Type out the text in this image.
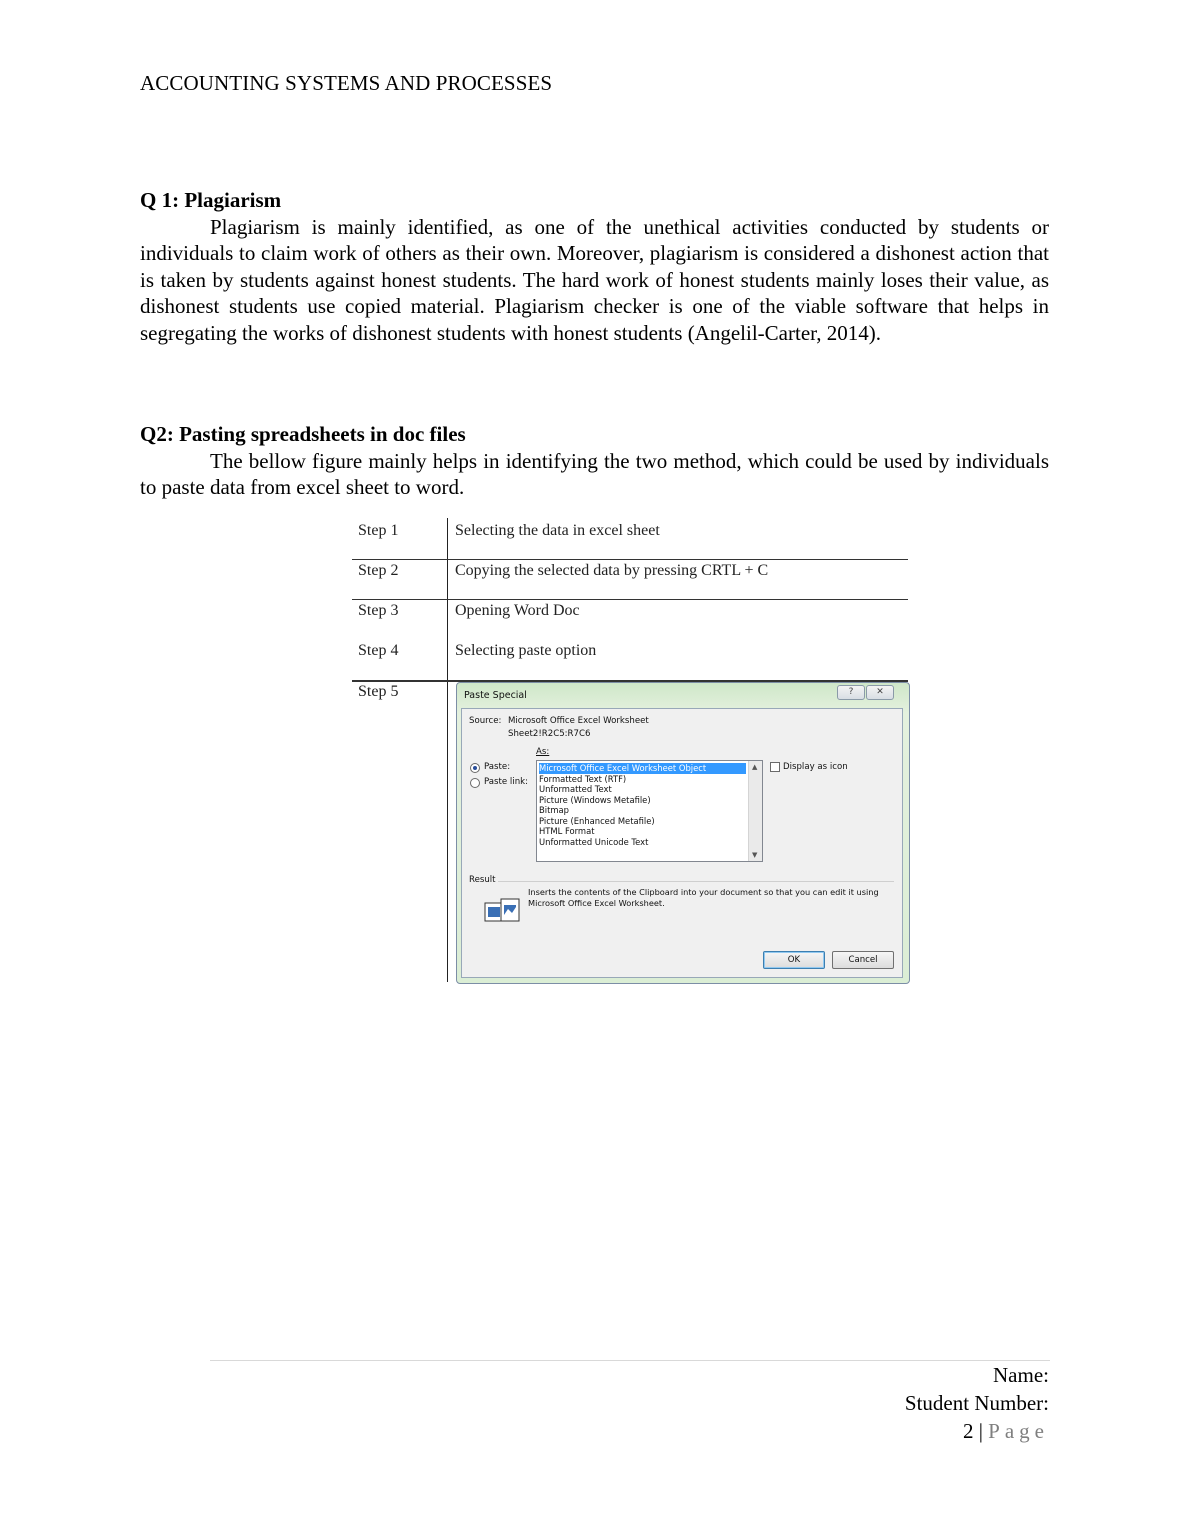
ACCOUNTING SYSTEMS AND PROCESSES
Q 1: Plagiarism
Plagiarism is mainly identified, as one of the unethical activities conducted by students or individuals to claim work of others as their own. Moreover, plagiarism is considered a dishonest action that is taken by students against honest students. The hard work of honest students mainly loses their value, as dishonest students use copied material. Plagiarism checker is one of the viable software that helps in segregating the works of dishonest students with honest students (Angelil-Carter, 2014).
Q2: Pasting spreadsheets in doc files
The bellow figure mainly helps in identifying the two method, which could be used by individuals to paste data from excel sheet to word.
Step 1	Selecting the data in excel sheet
Step 2	Copying the selected data by pressing CRTL + C
Step 3	Opening Word Doc
Step 4	Selecting paste option
Step 5	Paste Special	?	✕
Source: Microsoft Office Excel Worksheet
Sheet2!R2C5:R7C6
As:
Paste:
Paste link:
Microsoft Office Excel Worksheet Object
Formatted Text (RTF)
Unformatted Text
Picture (Windows Metafile)
Bitmap
Picture (Enhanced Metafile)
HTML Format
Unformatted Unicode Text
▲
▼
Display as icon
Result
Inserts the contents of the Clipboard into your document so that you can edit it using
Microsoft Office Excel Worksheet.
OK	Cancel
Name:
Student Number:
2 | Page
